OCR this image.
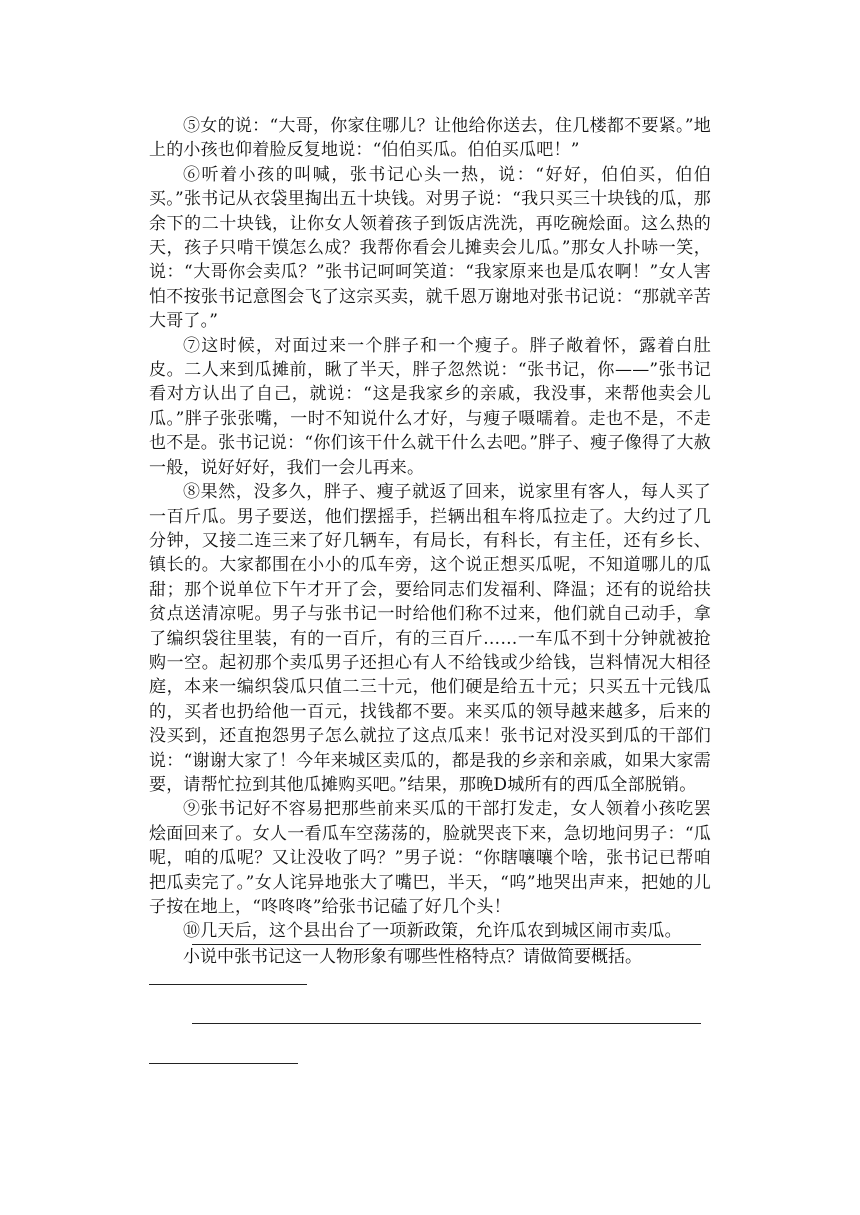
⑤女的说：“大哥，你家住哪儿？让他给你送去，住几楼都不要紧。”地上的小孩也仰着脸反复地说：“伯伯买瓜。伯伯买瓜吧！”

⑥听着小孩的叫喊，张书记心头一热，说：“好好，伯伯买，伯伯买。”张书记从衣袋里掏出五十块钱。对男子说：“我只买三十块钱的瓜，那余下的二十块钱，让你女人领着孩子到饭店洗洗，再吃碗烩面。这么热的天，孩子只啃干馍怎么成？我帮你看会儿摊卖会儿瓜。”那女人扑哧一笑，说：“大哥你会卖瓜？”张书记呵呵笑道：“我家原来也是瓜农啊！”女人害怕不按张书记意图会飞了这宗买卖，就千恩万谢地对张书记说：“那就辛苦大哥了。”

⑦这时候，对面过来一个胖子和一个瘦子。胖子敞着怀，露着白肚皮。二人来到瓜摊前，瞅了半天，胖子忽然说：“张书记，你——”张书记看对方认出了自己，就说：“这是我家乡的亲戚，我没事，来帮他卖会儿瓜。”胖子张张嘴，一时不知说什么才好，与瘦子嗫嚅着。走也不是，不走也不是。张书记说：“你们该干什么就干什么去吧。”胖子、瘦子像得了大赦一般，说好好好，我们一会儿再来。

⑧果然，没多久，胖子、瘦子就返了回来，说家里有客人，每人买了一百斤瓜。男子要送，他们摆摇手，拦辆出租车将瓜拉走了。大约过了几分钟，又接二连三来了好几辆车，有局长，有科长，有主任，还有乡长、镇长的。大家都围在小小的瓜车旁，这个说正想买瓜呢，不知道哪儿的瓜甜；那个说单位下午才开了会，要给同志们发福利、降温；还有的说给扶贫点送清凉呢。男子与张书记一时给他们称不过来，他们就自己动手，拿了编织袋往里装，有的一百斤，有的三百斤……一车瓜不到十分钟就被抢购一空。起初那个卖瓜男子还担心有人不给钱或少给钱，岂料情况大相径庭，本来一编织袋瓜只值二三十元，他们硬是给五十元；只买五十元钱瓜的，买者也扔给他一百元，找钱都不要。来买瓜的领导越来越多，后来的没买到，还直抱怨男子怎么就拉了这点瓜来！张书记对没买到瓜的干部们说：“谢谢大家了！今年来城区卖瓜的，都是我的乡亲和亲戚，如果大家需要，请帮忙拉到其他瓜摊购买吧。”结果，那晚D城所有的西瓜全部脱销。

⑨张书记好不容易把那些前来买瓜的干部打发走，女人领着小孩吃罢烩面回来了。女人一看瓜车空荡荡的，脸就哭丧下来，急切地问男子：“瓜呢，咱的瓜呢？又让没收了吗？”男子说：“你瞎嚷嚷个啥，张书记已帮咱把瓜卖完了。”女人诧异地张大了嘴巴，半天，“呜”地哭出声来，把她的儿子按在地上，“咚咚咚”给张书记磕了好几个头！

⑩几天后，这个县出台了一项新政策，允许瓜农到城区闹市卖瓜。

小说中张书记这一人物形象有哪些性格特点？请做简要概括。
